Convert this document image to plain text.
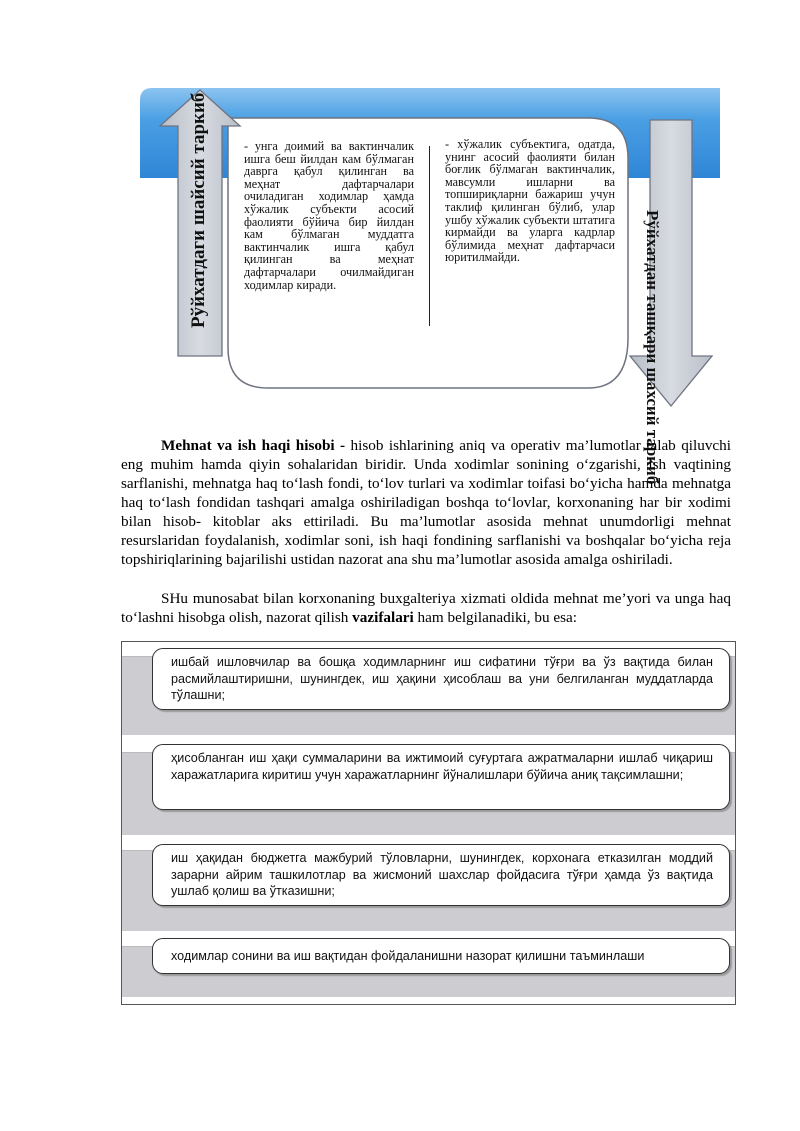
Рўйхатдаги шайсий таркиб	Рўйхатдан ташқари шахсий таркиб
- унга доимий ва вактинчалик ишга беш йилдан кам бўлмаган даврга қабул қилинган ва меҳнат дафтарчалари очиладиган ходимлар ҳамда хўжалик субъекти асосий фаолияти бўйича бир йилдан кам бўлмаган муддатга вактинчалик ишга қабул қилинган ва меҳнат дафтарчалари очилмайдиган ходимлар киради.
- хўжалик субъектига, одатда, унинг асосий фаолияти билан боғлик бўлмаган вактинчалик, мавсумли ишларни ва топшириқларни бажариш учун таклиф қилинган бўлиб, улар ушбу хўжалик субъекти штатига кирмайди ва уларга кадрлар бўлимида меҳнат дафтарчаси юритилмайди.
Mehnat va ish haqi hisobi - hisob ishlarining aniq va operativ ma’lumotlar talab qiluvchi eng muhim hamda qiyin sohalaridan biridir. Unda xodimlar sonining o‘zgarishi, ish vaqtining sarflanishi, mehnatga haq to‘lash fondi, to‘lov turlari va xodimlar toifasi bo‘yicha hamda mehnatga haq to‘lash fondidan tashqari amalga oshiriladigan boshqa to‘lovlar, korxonaning har bir xodimi bilan hisob- kitoblar aks ettiriladi. Bu ma’lumotlar asosida mehnat unumdorligi mehnat resurslaridan foydalanish, xodimlar soni, ish haqi fondining sarflanishi va boshqalar bo‘yicha reja topshiriqlarining bajarilishi ustidan nazorat ana shu ma’lumotlar asosida amalga oshiriladi.
SHu munosabat bilan korxonaning buxgalteriya xizmati oldida mehnat me’yori va unga haq to‘lashni hisobga olish, nazorat qilish vazifalari ham belgilanadiki, bu esa:
ишбай ишловчилар ва бошқа ходимларнинг иш сифатини тўғри ва ўз вақтида билан расмийлаштиришни, шунингдек, иш ҳақини ҳисоблаш ва уни белгиланган муддатларда тўлашни;
ҳисобланган иш ҳақи суммаларини ва ижтимоий суғуртага ажратмаларни ишлаб чиқариш харажатларига киритиш учун харажатларнинг йўналишлари бўйича аниқ тақсимлашни;
иш ҳақидан бюджетга мажбурий тўловларни, шунингдек, корхонага етказилган моддий зарарни айрим ташкилотлар ва жисмоний шахслар фойдасига тўғри ҳамда ўз вақтида ушлаб қолиш ва ўтказишни;
ходимлар сонини ва иш вақтидан фойдаланишни назорат қилишни таъминлаши
